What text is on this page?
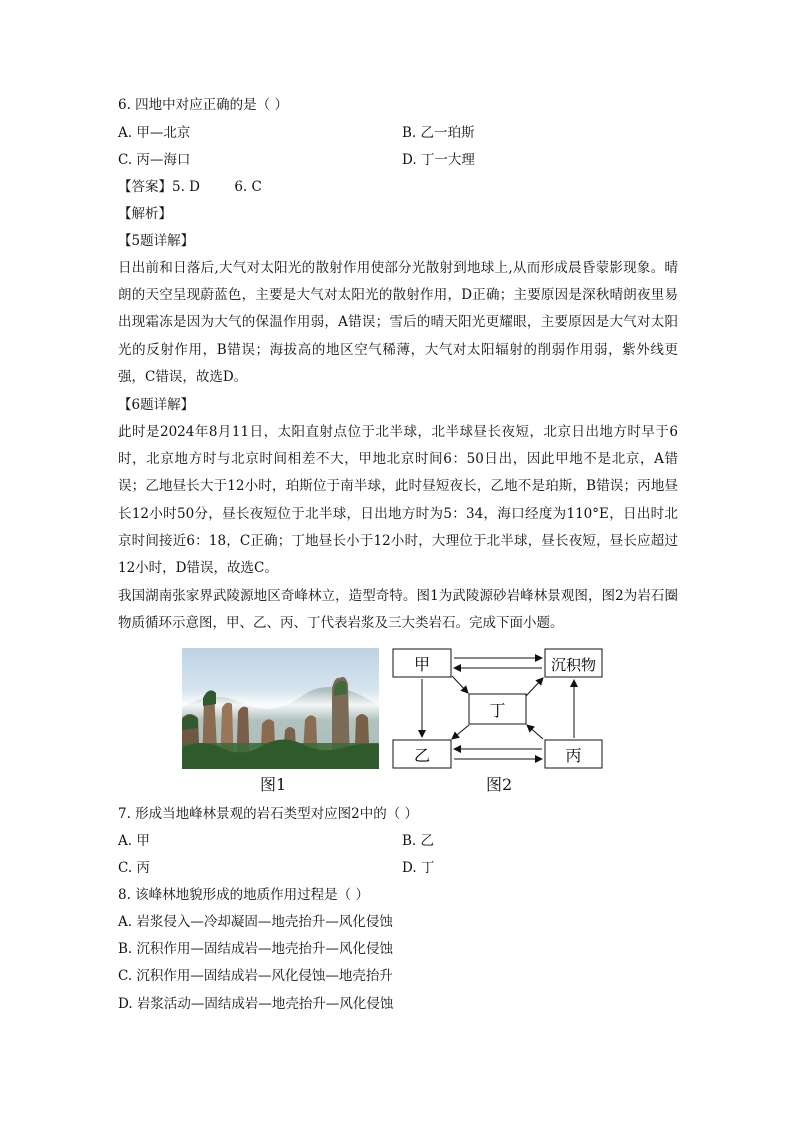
6. 四地中对应正确的是（ ）
A. 甲—北京	B. 乙一珀斯
C. 丙—海口	D. 丁一大理
【答案】5. D        6. C
【解析】
【5题详解】
日出前和日落后,大气对太阳光的散射作用使部分光散射到地球上,从而形成晨昏蒙影现象。晴朗的天空呈现蔚蓝色，主要是大气对太阳光的散射作用，D正确；主要原因是深秋晴朗夜里易出现霜冻是因为大气的保温作用弱，A错误；雪后的晴天阳光更耀眼，主要原因是大气对太阳光的反射作用，B错误；海拔高的地区空气稀薄，大气对太阳辐射的削弱作用弱，紫外线更强，C错误，故选D。
【6题详解】
此时是2024年8月11日，太阳直射点位于北半球，北半球昼长夜短，北京日出地方时早于6时，北京地方时与北京时间相差不大，甲地北京时间6：50日出，因此甲地不是北京，A错误；乙地昼长大于12小时，珀斯位于南半球，此时昼短夜长，乙地不是珀斯，B错误；丙地昼长12小时50分，昼长夜短位于北半球，日出地方时为5：34，海口经度为110°E，日出时北京时间接近6：18，C正确；丁地昼长小于12小时，大理位于北半球，昼长夜短，昼长应超过12小时，D错误，故选C。
我国湖南张家界武陵源地区奇峰林立，造型奇特。图1为武陵源砂岩峰林景观图，图2为岩石圈物质循环示意图，甲、乙、丙、丁代表岩浆及三大类岩石。完成下面小题。
图1
甲	沉积物
丁
乙	丙
图2
7. 形成当地峰林景观的岩石类型对应图2中的（ ）
A. 甲	B. 乙
C. 丙	D. 丁
8. 该峰林地貌形成的地质作用过程是（ ）
A. 岩浆侵入—冷却凝固—地壳抬升—风化侵蚀
B. 沉积作用—固结成岩—地壳抬升—风化侵蚀
C. 沉积作用—固结成岩—风化侵蚀—地壳抬升
D. 岩浆活动—固结成岩—地壳抬升—风化侵蚀
